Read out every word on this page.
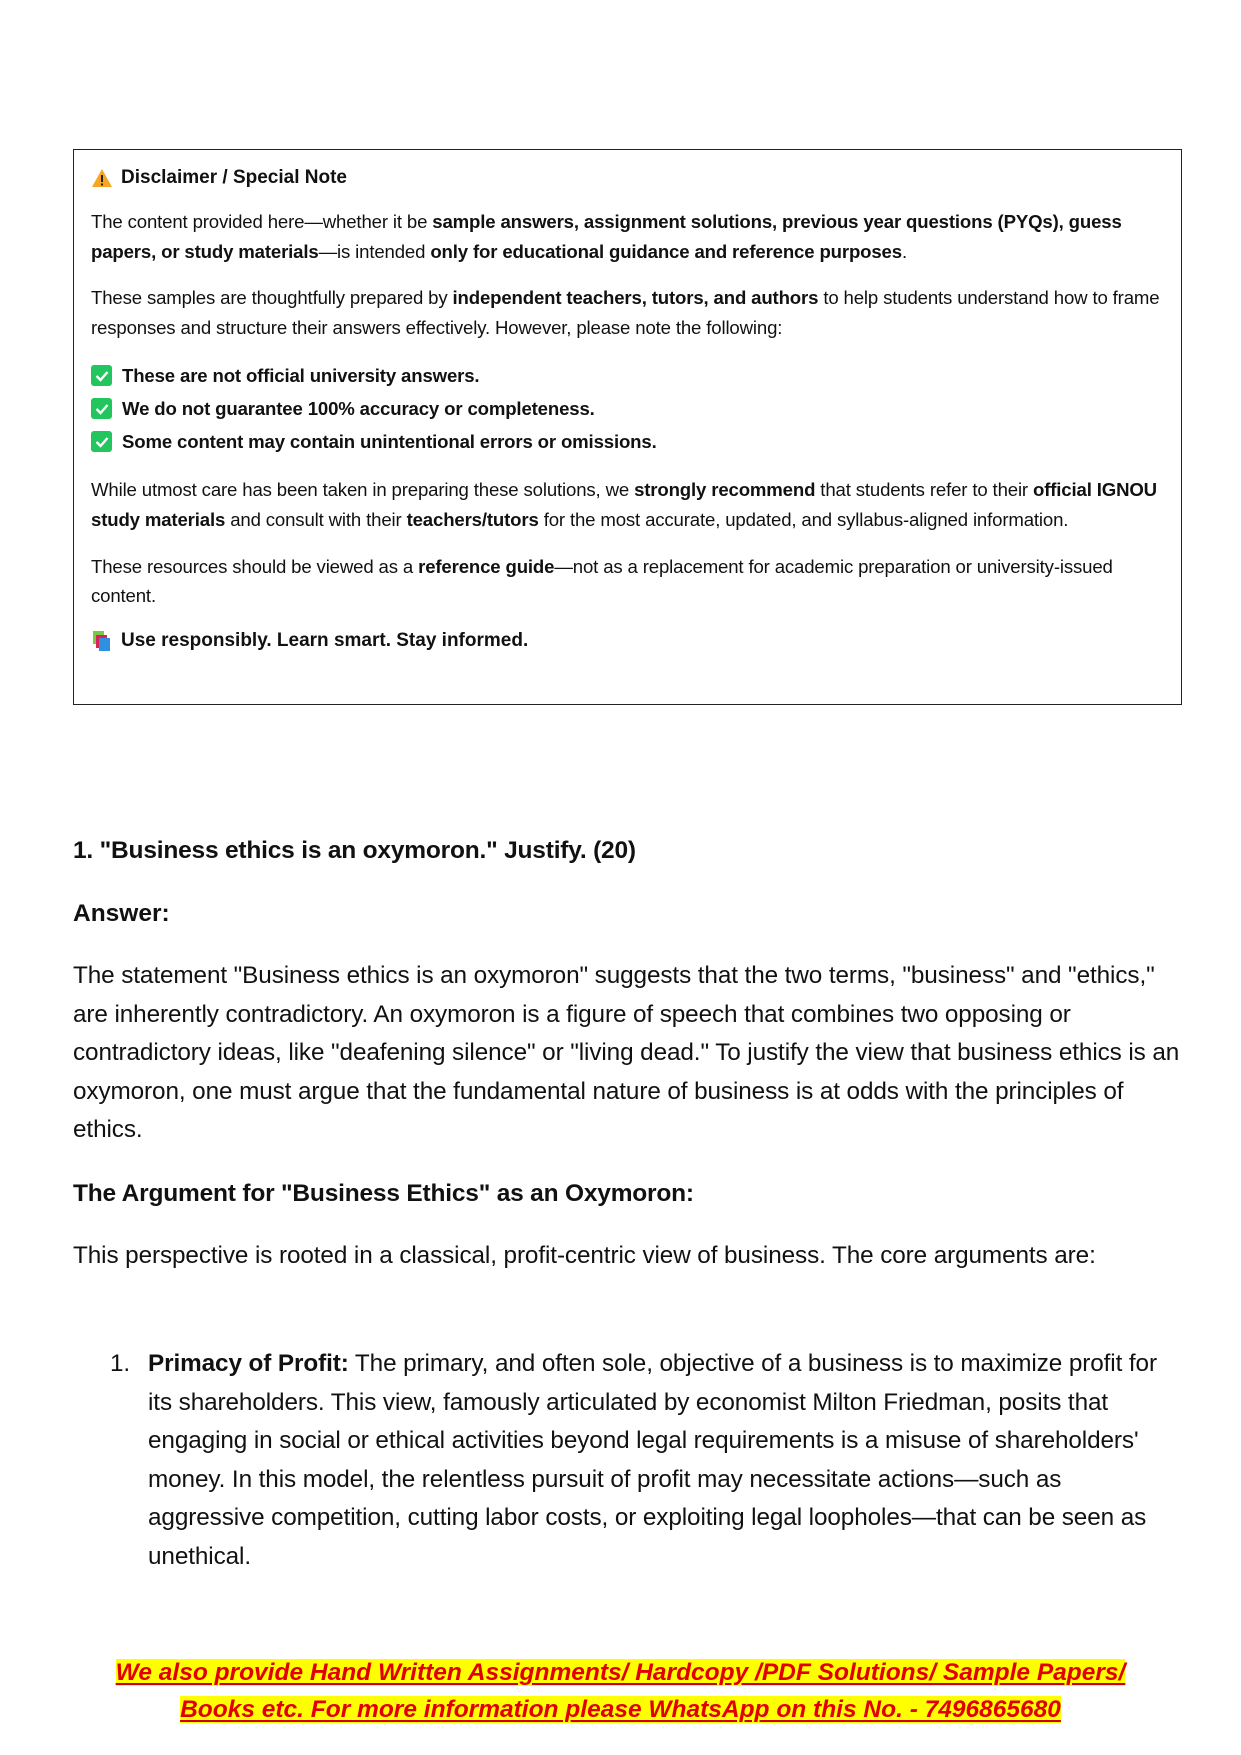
Disclaimer / Special Note

The content provided here—whether it be sample answers, assignment solutions, previous year questions (PYQs), guess papers, or study materials—is intended only for educational guidance and reference purposes.

These samples are thoughtfully prepared by independent teachers, tutors, and authors to help students understand how to frame responses and structure their answers effectively. However, please note the following:

These are not official university answers.
We do not guarantee 100% accuracy or completeness.
Some content may contain unintentional errors or omissions.

While utmost care has been taken in preparing these solutions, we strongly recommend that students refer to their official IGNOU study materials and consult with their teachers/tutors for the most accurate, updated, and syllabus-aligned information.

These resources should be viewed as a reference guide—not as a replacement for academic preparation or university-issued content.

Use responsibly. Learn smart. Stay informed.
1. "Business ethics is an oxymoron." Justify. (20)
Answer:

The statement "Business ethics is an oxymoron" suggests that the two terms, "business" and "ethics," are inherently contradictory. An oxymoron is a figure of speech that combines two opposing or contradictory ideas, like "deafening silence" or "living dead." To justify the view that business ethics is an oxymoron, one must argue that the fundamental nature of business is at odds with the principles of ethics.

The Argument for "Business Ethics" as an Oxymoron:

This perspective is rooted in a classical, profit-centric view of business. The core arguments are:

1. Primacy of Profit: The primary, and often sole, objective of a business is to maximize profit for its shareholders. This view, famously articulated by economist Milton Friedman, posits that engaging in social or ethical activities beyond legal requirements is a misuse of shareholders' money. In this model, the relentless pursuit of profit may necessitate actions—such as aggressive competition, cutting labor costs, or exploiting legal loopholes—that can be seen as unethical.
We also provide Hand Written Assignments/ Hardcopy /PDF Solutions/ Sample Papers/
Books etc. For more information please WhatsApp on this No. - 7496865680
